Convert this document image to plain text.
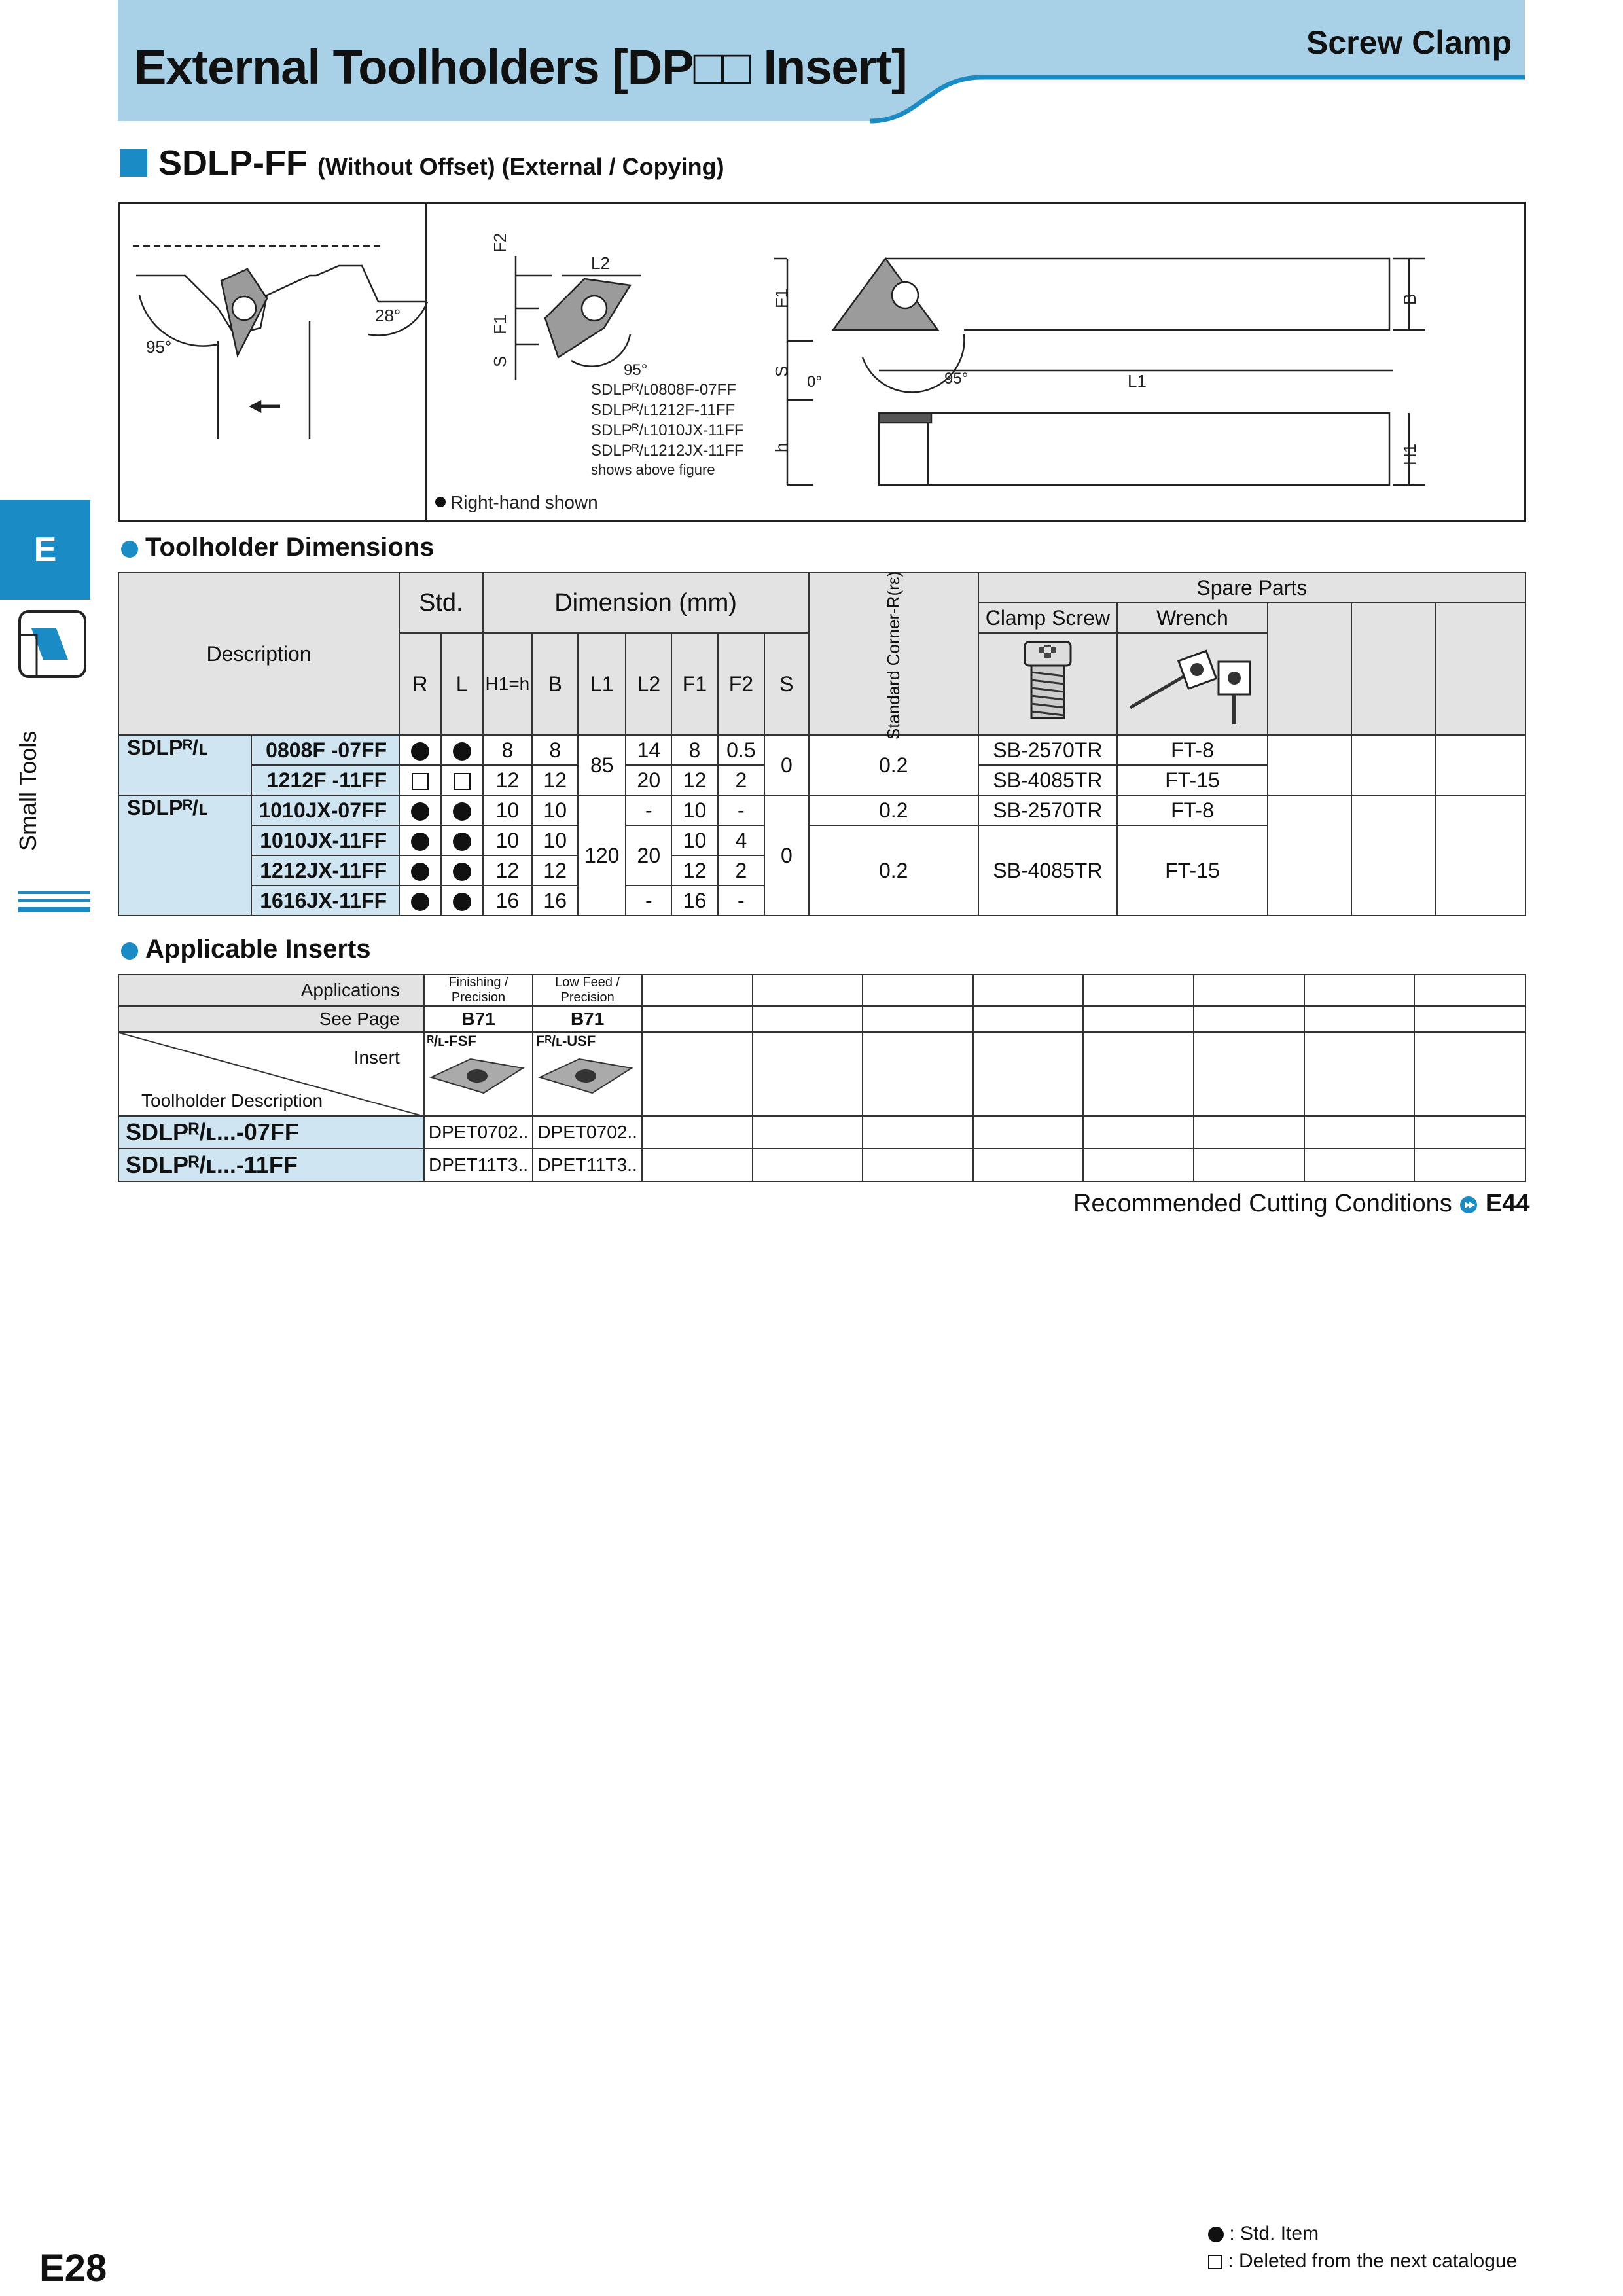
External Toolholders [DP□□ Insert]	Screw Clamp
SDLP-FF (Without Offset) (External / Copying)
95°
28°
F2
L2
F1
S	95°
SDLPᴿ/ʟ0808F-07FF
SDLPᴿ/ʟ1212F-11FF
SDLPᴿ/ʟ1010JX-11FF
SDLPᴿ/ʟ1212JX-11FF
shows above figure
Right-hand shown
F1
S
h
0°	95°	L1
B
H1
E
Small Tools
Toolholder Dimensions
Description		Std.		Dimension (mm)							Standard Corner-R(rε)	Spare Parts				
												Clamp Screw	Wrench			
		R	L	H1=h	B	L1	L2	F1	F2	S		
SDLPᴿ/ʟ	0808F -07FF			8	8	85	14	8	0.5	0	0.2	SB-2570TR	FT-8			
	1212F -11FF			12	12		20	12	2			SB-4085TR	FT-15			
SDLPᴿ/ʟ	1010JX-07FF			10	10	120	-	10	-	0	0.2	SB-2570TR	FT-8			
	1010JX-11FF			10	10		20	10	4		0.2	SB-4085TR	FT-15			
	1212JX-11FF			12	12			12	2							
	1616JX-11FF			16	16		-	16	-							
Applicable Inserts
Applications	Finishing / Precision	Low Feed / Precision								
See Page	B71	B71								

Insert
Toolholder Description	ᴿ/ʟ-FSF	Fᴿ/ʟ-USF								

SDLPᴿ/ʟ...-07FF	DPET0702..	DPET0702..								
SDLPᴿ/ʟ...-11FF	DPET11T3..	DPET11T3..								
Recommended Cutting Conditions E44
: Std. Item
: Deleted from the next catalogue
E28
